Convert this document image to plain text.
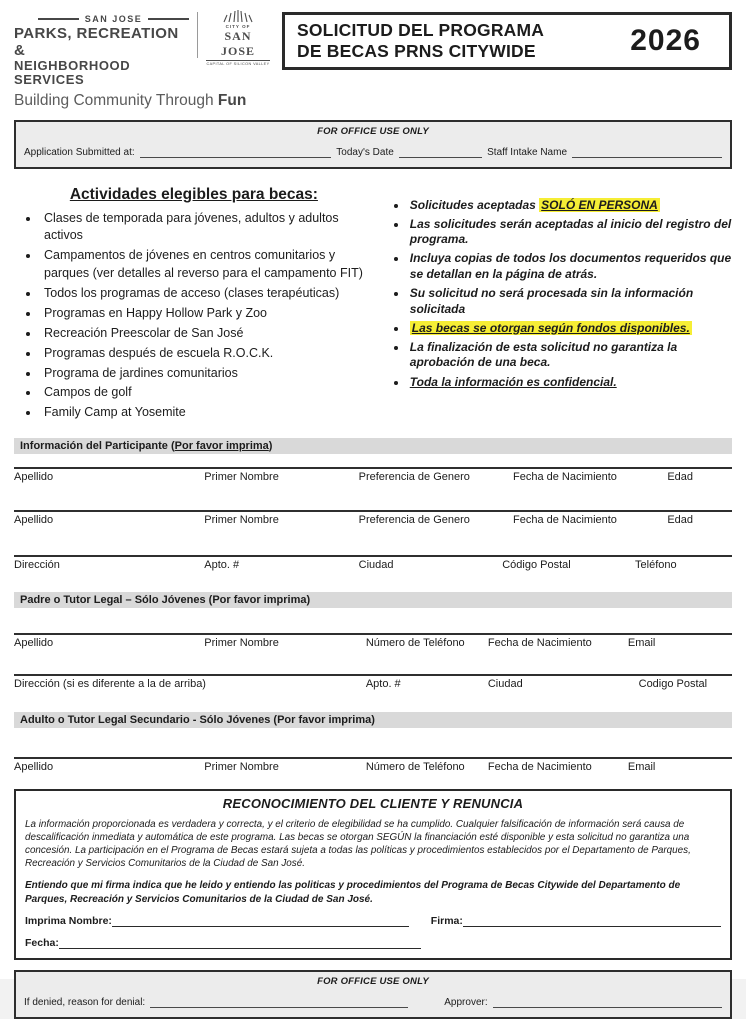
SAN JOSE
PARKS, RECREATION &
NEIGHBORHOOD SERVICES
CITY OF
SAN JOSE
CAPITAL OF SILICON VALLEY
Building Community Through Fun
SOLICITUD DEL PROGRAMA
DE BECAS PRNS CITYWIDE	2026
FOR OFFICE USE ONLY
Application Submitted at:	Today's Date	Staff Intake Name
Actividades elegibles para becas:
• Clases de temporada para jóvenes, adultos y adultos activos
• Campamentos de jóvenes en centros comunitarios y parques (ver detalles al reverso para el campamento FIT)
• Todos los programas de acceso (clases terapéuticas)
• Programas en Happy Hollow Park y Zoo
• Recreación Preescolar de San José
• Programas después de escuela R.O.C.K.
• Programa de jardines comunitarios
• Campos de golf
• Family Camp at Yosemite
• Solicitudes aceptadas SOLÓ EN PERSONA
• Las solicitudes serán aceptadas al inicio del registro del programa.
• Incluya copias de todos los documentos requeridos que se detallan en la página de atrás.
• Su solicitud no será procesada sin la información solicitada
• Las becas se otorgan según fondos disponibles.
• La finalización de esta solicitud no garantiza la aprobación de una beca.
• Toda la información es confidencial.
Información del Participante (Por favor imprima)
Apellido	Primer Nombre	Preferencia de Genero	Fecha de Nacimiento	Edad
Apellido	Primer Nombre	Preferencia de Genero	Fecha de Nacimiento	Edad
Dirección	Apto. #	Ciudad	Código Postal	Teléfono
Padre o Tutor Legal – Sólo Jóvenes (Por favor imprima)
Apellido	Primer Nombre	Número de Teléfono	Fecha de Nacimiento	Email
Dirección (si es diferente a la de arriba)	Apto. #	Ciudad	Codigo Postal
Adulto o Tutor Legal Secundario - Sólo Jóvenes (Por favor imprima)
Apellido	Primer Nombre	Número de Teléfono	Fecha de Nacimiento	Email
RECONOCIMIENTO DEL CLIENTE Y RENUNCIA
La información proporcionada es verdadera y correcta, y el criterio de elegibilidad se ha cumplido. Cualquier falsificación de información será causa de descalificación inmediata y automática de este programa. Las becas se otorgan SEGÚN la financiación esté disponible y esta solicitud no garantiza una concesión. La participación en el Programa de Becas estará sujeta a todas las políticas y procedimientos establecidos por el Departamento de Parques, Recreación y Servicios Comunitarios de la Ciudad de San José.
Entiendo que mi firma indica que he leido y entiendo las politicas y procedimientos del Programa de Becas Citywide del Departamento de Parques, Recreación y Servicios Comunitarios de la Ciudad de San José.
Imprima Nombre:	Firma:
Fecha:
FOR OFFICE USE ONLY
If denied, reason for denial:	Approver:
